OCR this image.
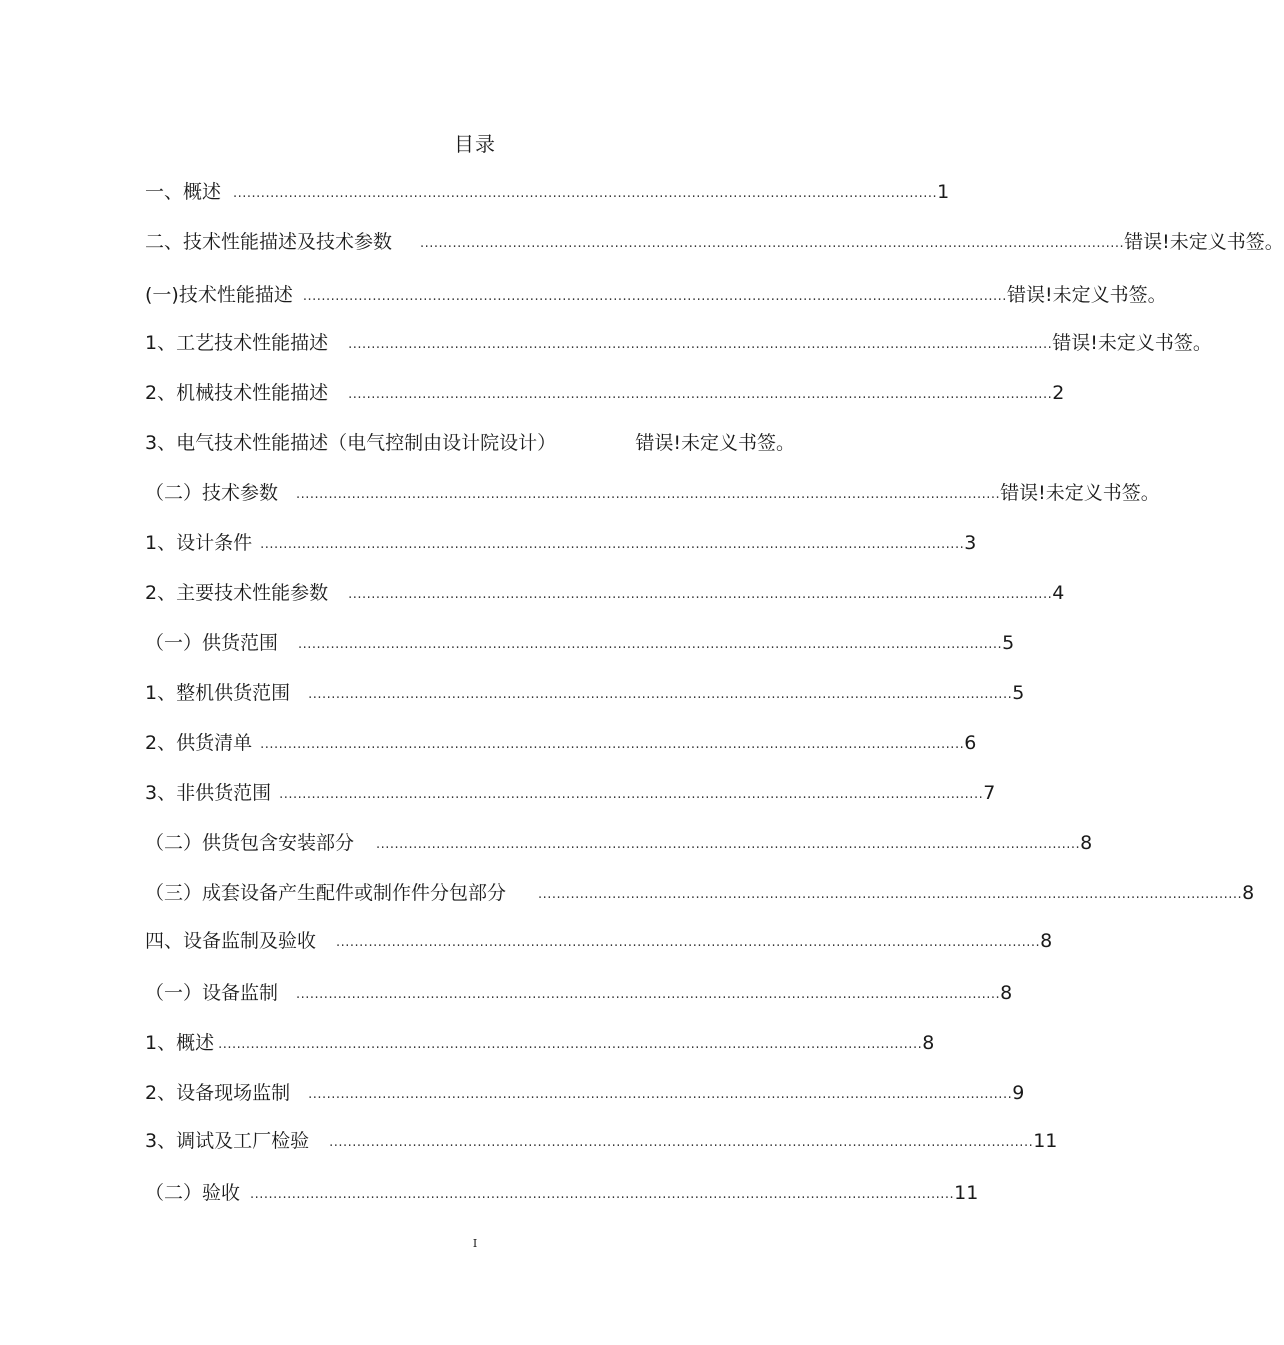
目录
一、概述 ........................................................................................................................................................ 1
二、技术性能描述及技术参数 ........................................................................................................................................................ 错误!未定义书签。
(一)技术性能描述 ........................................................................................................................................................ 错误!未定义书签。
1、工艺技术性能描述 ........................................................................................................................................................ 错误!未定义书签。
2、机械技术性能描述 ........................................................................................................................................................ 2
3、电气技术性能描述（电气控制由设计院设计）	错误!未定义书签。
（二）技术参数 ........................................................................................................................................................ 错误!未定义书签。
1、设计条件 ........................................................................................................................................................ 3
2、主要技术性能参数 ........................................................................................................................................................ 4
（一）供货范围 ........................................................................................................................................................ 5
1、整机供货范围 ........................................................................................................................................................ 5
2、供货清单 ........................................................................................................................................................ 6
3、非供货范围 ........................................................................................................................................................ 7
（二）供货包含安装部分 ........................................................................................................................................................ 8
（三）成套设备产生配件或制作件分包部分 ........................................................................................................................................................ 8
四、设备监制及验收 ........................................................................................................................................................ 8
（一）设备监制 ........................................................................................................................................................ 8
1、概述 ........................................................................................................................................................ 8
2、设备现场监制 ........................................................................................................................................................ 9
3、调试及工厂检验 ........................................................................................................................................................ 11
（二）验收 ........................................................................................................................................................ 11
I
